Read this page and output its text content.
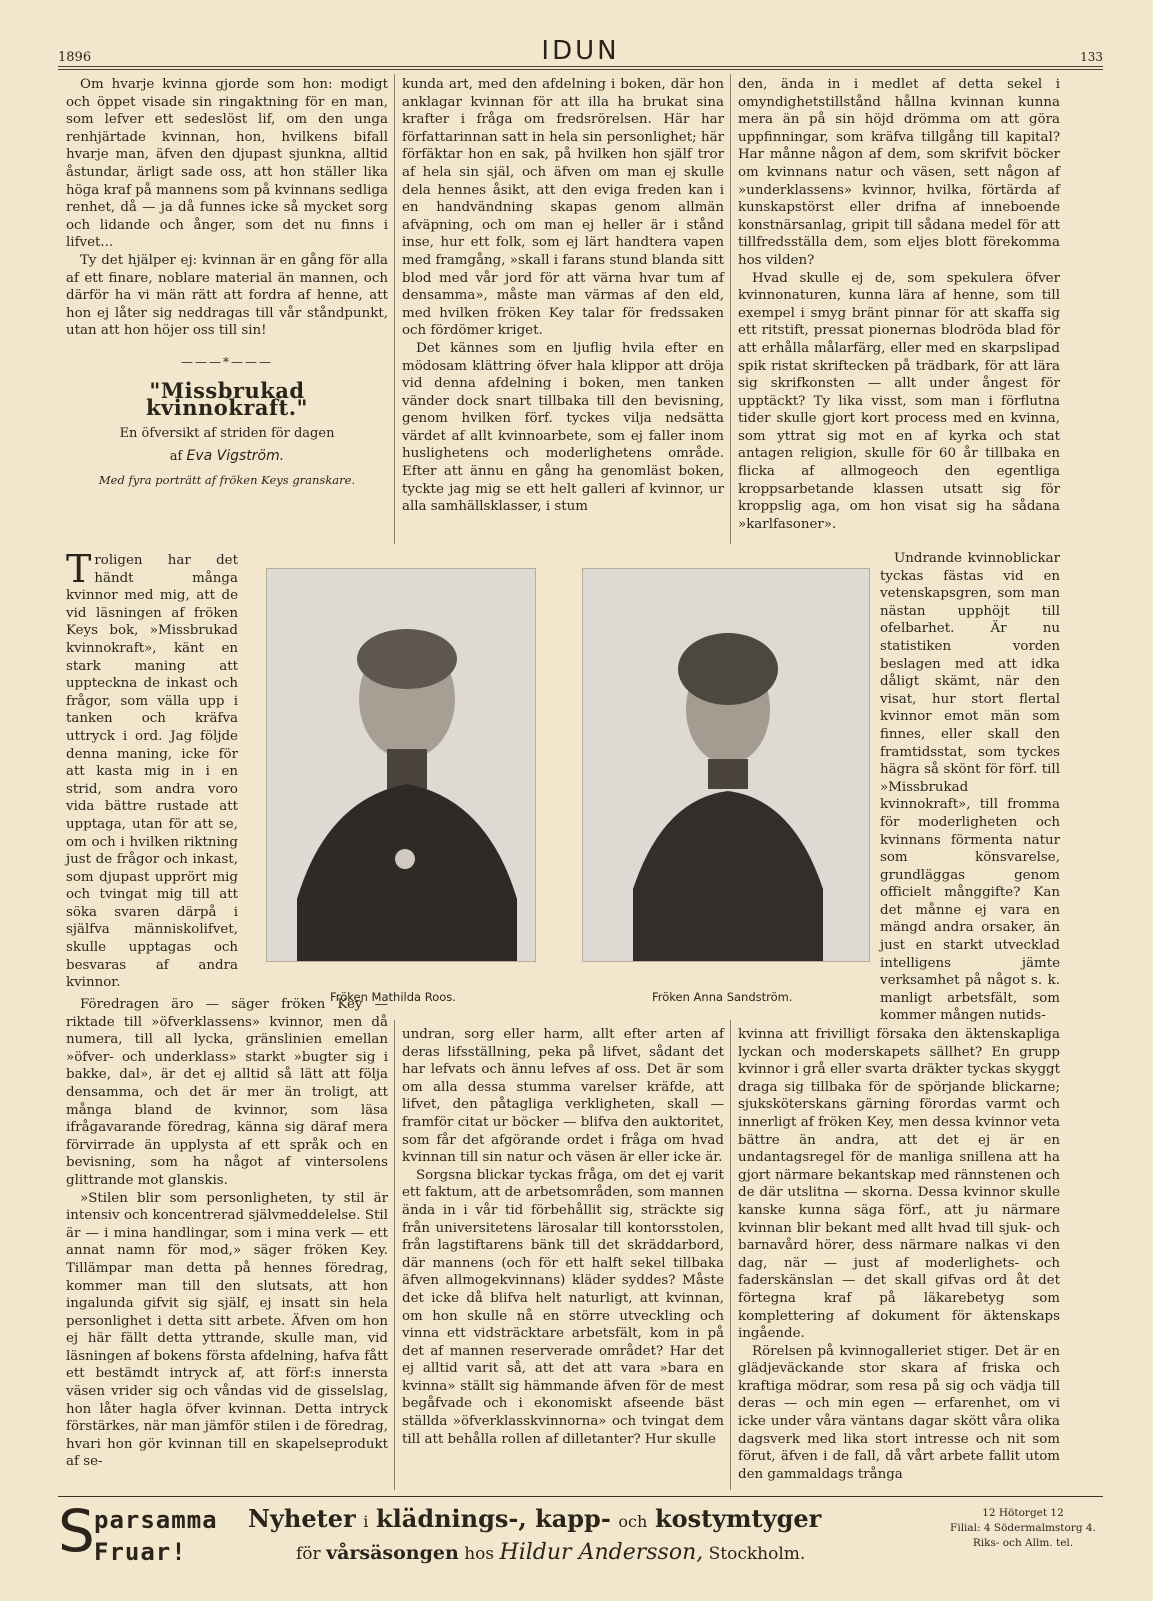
1896	IDUN	133

Om hvarje kvinna gjorde som hon: modigt och öppet visade sin ringaktning för en man, som lefver ett sedeslöst lif, om den unga renhjärtade kvinnan, hon, hvilkens bifall hvarje man, äfven den djupast sjunkna, alltid åstundar, ärligt sade oss, att hon ställer lika höga kraf på mannens som på kvinnans sedliga renhet, då — ja då funnes icke så mycket sorg och lidande och ånger, som det nu finns i lifvet...

Ty det hjälper ej: kvinnan är en gång för alla af ett finare, noblare material än mannen, och därför ha vi män rätt att fordra af henne, att hon ej låter sig neddragas till vår ståndpunkt, utan att hon höjer oss till sin!

———*———
"Missbrukad kvinnokraft."
En öfversikt af striden för dagen
af Eva Vigström.
Med fyra porträtt af fröken Keys granskare.

Troligen har det händt många kvinnor med mig, att de vid läsningen af fröken Keys bok, »Missbrukad kvinnokraft», känt en stark maning att uppteckna de inkast och frågor, som välla upp i tanken och kräfva uttryck i ord. Jag följde denna maning, icke för att kasta mig in i en strid, som andra voro vida bättre rustade att upptaga, utan för att se, om och i hvilken riktning just de frågor och inkast, som djupast upprört mig och tvingat mig till att söka svaren därpå i själfva människolifvet, skulle upptagas och besvaras af andra kvinnor.

Föredragen äro — säger fröken Key — riktade till »öfverklassens» kvinnor, men då numera, till all lycka, gränslinien emellan »öfver- och underklass» starkt »bugter sig i bakke, dal», är det ej alltid så lätt att följa densamma, och det är mer än troligt, att många bland de kvinnor, som läsa ifrågavarande föredrag, känna sig däraf mera förvirrade än upplysta af ett språk och en bevisning, som ha något af vintersolens glittrande mot glanskis.

»Stilen blir som personligheten, ty stil är intensiv och koncentrerad självmeddelelse. Stil är — i mina handlingar, som i mina verk — ett annat namn för mod,» säger fröken Key. Tillämpar man detta på hennes föredrag, kommer man till den slutsats, att hon ingalunda gifvit sig själf, ej insatt sin hela personlighet i detta sitt arbete. Äfven om hon ej här fällt detta yttrande, skulle man, vid läsningen af bokens första afdelning, hafva fått ett bestämdt intryck af, att förf:s innersta väsen vrider sig och våndas vid de gisselslag, hon låter hagla öfver kvinnan. Detta intryck förstärkes, när man jämför stilen i de föredrag, hvari hon gör kvinnan till en skapelseprodukt af se-

kunda art, med den afdelning i boken, där hon anklagar kvinnan för att illa ha brukat sina krafter i fråga om fredsrörelsen. Här har författarinnan satt in hela sin personlighet; här förfäktar hon en sak, på hvilken hon själf tror af hela sin själ, och äfven om man ej skulle dela hennes åsikt, att den eviga freden kan i en handvändning skapas genom allmän afväpning, och om man ej heller är i stånd inse, hur ett folk, som ej lärt handtera vapen med framgång, »skall i farans stund blanda sitt blod med vår jord för att värna hvar tum af densamma», måste man värmas af den eld, med hvilken fröken Key talar för fredssaken och fördömer kriget.

Det kännes som en ljuflig hvila efter en mödosam klättring öfver hala klippor att dröja vid denna afdelning i boken, men tanken vänder dock snart tillbaka till den bevisning, genom hvilken förf. tyckes vilja nedsätta värdet af allt kvinnoarbete, som ej faller inom huslighetens och moderlighetens område. Efter att ännu en gång ha genomläst boken, tyckte jag mig se ett helt galleri af kvinnor, ur alla samhällsklasser, i stum

den, ända in i medlet af detta sekel i omyndighetstillstånd hållna kvinnan kunna mera än på sin höjd drömma om att göra uppfinningar, som kräfva tillgång till kapital? Har månne någon af dem, som skrifvit böcker om kvinnans natur och väsen, sett någon af »underklassens» kvinnor, hvilka, förtärda af kunskapstörst eller drifna af inneboende konstnärsanlag, gripit till sådana medel för att tillfredsställa dem, som eljes blott förekomma hos vilden?

Hvad skulle ej de, som spekulera öfver kvinnonaturen, kunna lära af henne, som till exempel i smyg bränt pinnar för att skaffa sig ett ritstift, pressat pionernas blodröda blad för att erhålla målarfärg, eller med en skarpslipad spik ristat skriftecken på trädbark, för att lära sig skrifkonsten — allt under ångest för upptäckt? Ty lika visst, som man i förflutna tider skulle gjort kort process med en kvinna, som yttrat sig mot en af kyrka och stat antagen religion, skulle för 60 år tillbaka en flicka af allmogeoch den egentliga kroppsarbetande klassen utsatt sig för kroppslig aga, om hon visat sig ha sådana »karlfasoner».

Undrande kvinnoblickar tyckas fästas vid en vetenskapsgren, som man nästan upphöjt till ofelbarhet. Är nu statistiken vorden beslagen med att idka dåligt skämt, när den visat, hur stort flertal kvinnor emot män som finnes, eller skall den framtidsstat, som tyckes hägra så skönt för förf. till »Missbrukad kvinnokraft», till fromma för moderligheten och kvinnans förmenta natur som könsvarelse, grundläggas genom officielt månggifte? Kan det månne ej vara en mängd andra orsaker, än just en starkt utvecklad intelligens jämte verksamhet på något s. k. manligt arbetsfält, som kommer mången nutids-

Fröken Mathilda Roos.	Fröken Anna Sandström.

undran, sorg eller harm, allt efter arten af deras lifsställning, peka på lifvet, sådant det har lefvats och ännu lefves af oss. Det är som om alla dessa stumma varelser kräfde, att lifvet, den påtagliga verkligheten, skall — framför citat ur böcker — blifva den auktoritet, som får det afgörande ordet i fråga om hvad kvinnan till sin natur och väsen är eller icke är.

Sorgsna blickar tyckas fråga, om det ej varit ett faktum, att de arbetsområden, som mannen ända in i vår tid förbehållit sig, sträckte sig från universitetens lärosalar till kontorsstolen, från lagstiftarens bänk till det skräddarbord, där mannens (och för ett halft sekel tillbaka äfven allmogekvinnans) kläder syddes? Måste det icke då blifva helt naturligt, att kvinnan, om hon skulle nå en större utveckling och vinna ett vidsträcktare arbetsfält, kom in på det af mannen reserverade området? Har det ej alltid varit så, att det att vara »bara en kvinna» ställt sig hämmande äfven för de mest begåfvade och i ekonomiskt afseende bäst ställda »öfverklasskvinnorna» och tvingat dem till att behålla rollen af dilletanter? Hur skulle

kvinna att frivilligt försaka den äktenskapliga lyckan och moderskapets sällhet? En grupp kvinnor i grå eller svarta dräkter tyckas skyggt draga sig tillbaka för de spörjande blickarne; sjuksköterskans gärning förordas varmt och innerligt af fröken Key, men dessa kvinnor veta bättre än andra, att det ej är en undantagsregel för de manliga snillena att ha gjort närmare bekantskap med rännstenen och de där utslitna — skorna. Dessa kvinnor skulle kanske kunna säga förf., att ju närmare kvinnan blir bekant med allt hvad till sjuk- och barnavård hörer, dess närmare nalkas vi den dag, när — just af moderlighets- och faderskänslan — det skall gifvas ord åt det förtegna kraf på läkarebetyg som komplettering af dokument för äktenskaps ingående.

Rörelsen på kvinnogalleriet stiger. Det är en glädjeväckande stor skara af friska och kraftiga mödrar, som resa på sig och vädja till deras — och min egen — erfarenhet, om vi icke under våra väntans dagar skött våra olika dagsverk med lika stort intresse och nit som förut, äfven i de fall, då vårt arbete fallit utom den gammaldags trånga

S parsamma
Fruar!
Nyheter i klädnings-, kapp- och kostymtyger
för vårsäsongen hos Hildur Andersson, Stockholm.
12 Hötorget 12
Filial: 4 Södermalmstorg 4.
Riks- och Allm. tel.
